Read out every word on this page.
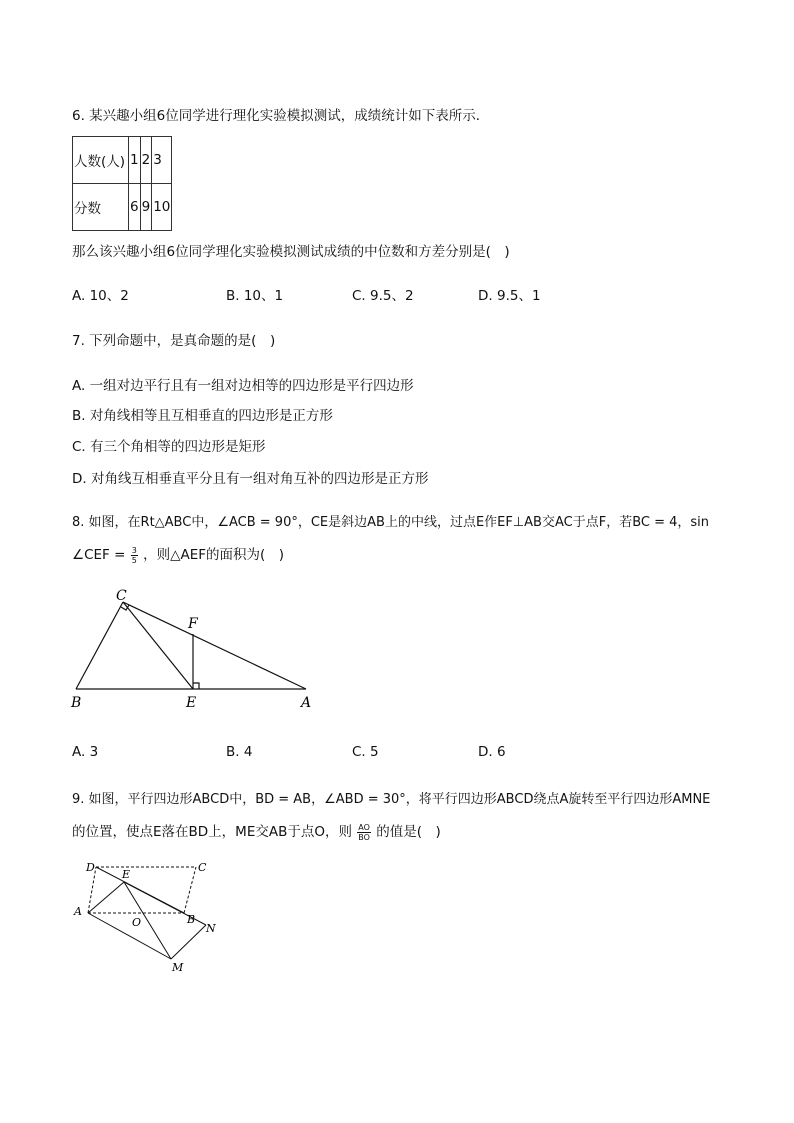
6. 某兴趣小组6位同学进行理化实验模拟测试，成绩统计如下表所示．
人数(人)	1	2	3
分数	6	9	10
那么该兴趣小组6位同学理化实验模拟测试成绩的中位数和方差分别是(　)
A. 10、2	B. 10、1	C. 9.5、2	D. 9.5、1
7. 下列命题中，是真命题的是(　)
A. 一组对边平行且有一组对边相等的四边形是平行四边形
B. 对角线相等且互相垂直的四边形是正方形
C. 有三个角相等的四边形是矩形
D. 对角线互相垂直平分且有一组对角互补的四边形是正方形
8. 如图，在Rt△ABC中，∠ACB = 90°，CE是斜边AB上的中线，过点E作EF⊥AB交AC于点F，若BC = 4，sin
∠CEF = $\frac{3}{5}$ ，则△AEF的面积为(　)
C
F
B	E	A
A. 3	B. 4	C. 5	D. 6
9. 如图，平行四边形ABCD中，BD = AB，∠ABD = 30°，将平行四边形ABCD绕点A旋转至平行四边形AMNE
的位置，使点E落在BD上，ME交AB于点O，则 $\frac{AO}{BO}$ 的值是(　)
D
E
C
A
B
O	N
M
